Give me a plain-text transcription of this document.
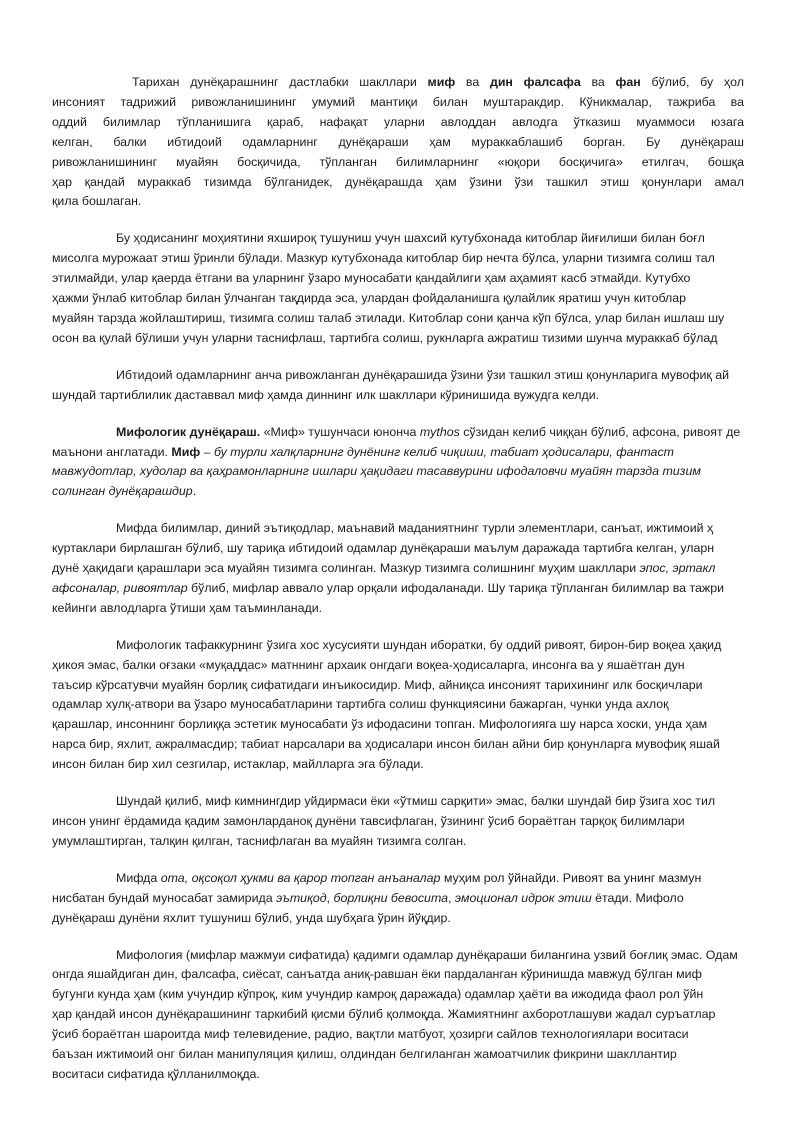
Тарихан дунёқарашнинг дастлабки шакллари миф ва дин фалсафа ва фан бўлиб, бу ҳол
инсоният тадрижий ривожланишининг умумий мантиқи билан муштаракдир. Кўникмалар, тажриба ва
оддий билимлар тўпланишига қараб, нафақат уларни авлоддан авлодга ўтказиш муаммоси юзага
келган, балки ибтидоий одамларнинг дунёқараши ҳам мураккаблашиб борган. Бу дунёқараш
ривожланишининг муайян босқичида, тўпланган билимларнинг «юқори босқичига» етилгач, бошқа
ҳар қандай мураккаб тизимда бўлганидек, дунёқарашда ҳам ўзини ўзи ташкил этиш қонунлари амал
қила бошлаган.
Бу ҳодисанинг моҳиятини яхшироқ тушуниш учун шахсий кутубхонада китоблар йиғилиши билан боғл
мисолга мурожаат этиш ўринли бўлади. Мазкур кутубхонада китоблар бир нечта бўлса, уларни тизимга солиш тал
этилмайди, улар қаерда ётгани ва уларнинг ўзаро муносабати қандайлиги ҳам аҳамият касб этмайди. Кутубхо
ҳажми ўнлаб китоблар билан ўлчанган тақдирда эса, улардан фойдаланишга қулайлик яратиш учун китоблар
муайян тарзда жойлаштириш, тизимга солиш талаб этилади. Китоблар сони қанча кўп бўлса, улар билан ишлаш шу
осон ва қулай бўлиши учун уларни таснифлаш, тартибга солиш, рукнларга ажратиш тизими шунча мураккаб бўлад
Ибтидоий одамларнинг анча ривожланган дунёқарашида ўзини ўзи ташкил этиш қонунларига мувофиқ ай
шундай тартиблилик даставвал миф ҳамда диннинг илк шакллари кўринишида вужудга келди.
Мифологик дунёқараш. «Миф» тушунчаси юнонча mythos сўзидан келиб чиққан бўлиб, афсона, ривоят де
маънони англатади. Миф – бу турли халқларнинг дунёнинг келиб чиқиши, табиат ҳодисалари, фантаст
мавжудотлар, худолар ва қаҳрамонларнинг ишлари ҳақидаги тасаввурини ифодаловчи муайян тарзда тизим
солинган дунёқарашдир.
Мифда билимлар, диний эътиқодлар, маънавий маданиятнинг турли элементлари, санъат, ижтимоий ҳ
куртаклари бирлашган бўлиб, шу тариқа ибтидоий одамлар дунёқараши маълум даражада тартибга келган, уларн
дунё ҳақидаги қарашлари эса муайян тизимга солинган. Мазкур тизимга солишнинг муҳим шакллари эпос, эртакл
афсоналар, ривоятлар бўлиб, мифлар аввало улар орқали ифодаланади. Шу тариқа тўпланган билимлар ва тажри
кейинги авлодларга ўтиши ҳам таъминланади.
Мифологик тафаккурнинг ўзига хос хусусияти шундан иборатки, бу оддий ривоят, бирон-бир воқеа ҳақид
ҳикоя эмас, балки оғзаки «муқаддас» матннинг архаик онгдаги воқеа-ҳодисаларга, инсонга ва у яшаётган дун
таъсир кўрсатувчи муайян борлиқ сифатидаги инъикосидир. Миф, айниқса инсоният тарихининг илк босқичлари
одамлар хулқ-атвори ва ўзаро муносабатларини тартибга солиш функциясини бажарган, чунки унда ахлоқ
қарашлар, инсоннинг борлиққа эстетик муносабати ўз ифодасини топган. Мифологияга шу нарса хоски, унда ҳам
нарса бир, яхлит, ажралмасдир; табиат нарсалари ва ҳодисалари инсон билан айни бир қонунларга мувофиқ яшай
инсон билан бир хил сезгилар, истаклар, майлларга эга бўлади.
Шундай қилиб, миф кимнингдир уйдирмаси ёки «ўтмиш сарқити» эмас, балки шундай бир ўзига хос тил
инсон унинг ёрдамида қадим замонларданоқ дунёни тавсифлаган, ўзининг ўсиб бораётган тарқоқ билимлари
умумлаштирган, талқин қилган, таснифлаган ва муайян тизимга солган.
Мифда ота, оқсоқол ҳукми ва қарор топган анъаналар муҳим рол ўйнайди. Ривоят ва унинг мазмун
нисбатан бундай муносабат замирида эътиқод, борлиқни бевосита, эмоционал идрок этиш ётади. Мифоло
дунёқараш дунёни яхлит тушуниш бўлиб, унда шубҳага ўрин йўқдир.
Мифология (мифлар мажмуи сифатида) қадимги одамлар дунёқараши билангина узвий боғлиқ эмас. Одам
онгда яшайдиган дин, фалсафа, сиёсат, санъатда аниқ-равшан ёки пардаланган кўринишда мавжуд бўлган миф
бугунги кунда ҳам (ким учундир кўпроқ, ким учундир камроқ даражада) одамлар ҳаёти ва ижодида фаол рол ўйн
ҳар қандай инсон дунёқарашининг таркибий қисми бўлиб қолмоқда. Жамиятнинг ахборотлашуви жадал суръатлар
ўсиб бораётган шароитда миф телевидение, радио, вақтли матбуот, ҳозирги сайлов технологиялари воситаси
баъзан ижтимоий онг билан манипуляция қилиш, олдиндан белгиланган жамоатчилик фикрини шакллантир
воситаси сифатида қўлланилмоқда.
